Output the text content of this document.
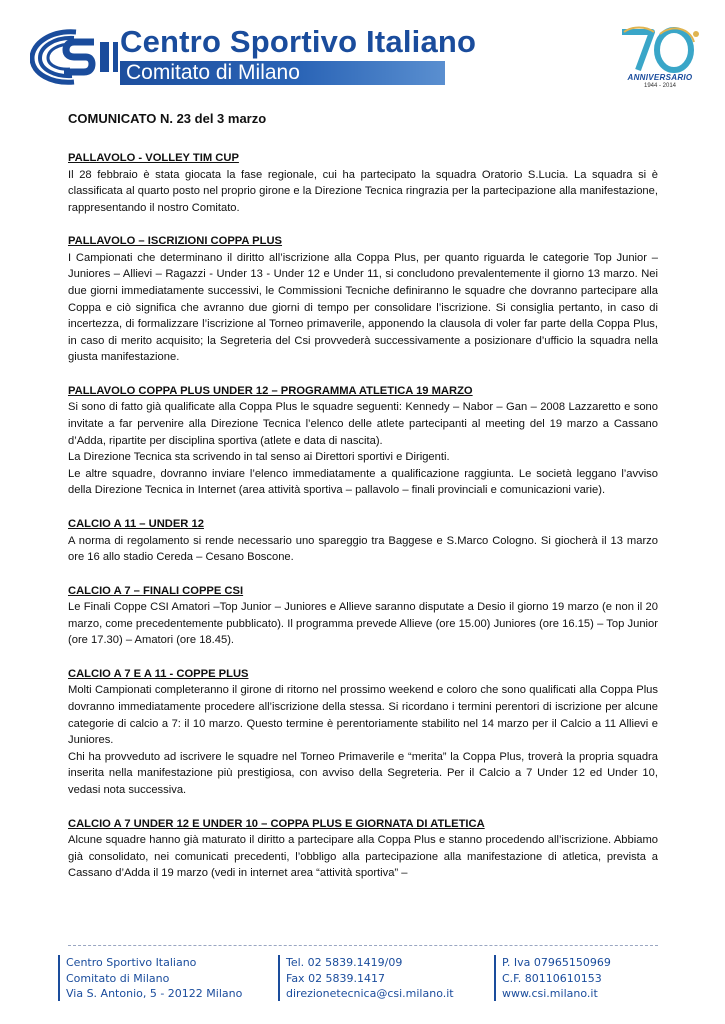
Centro Sportivo Italiano
Comitato di Milano	ANNIVERSARIO
1944 - 2014
COMUNICATO N. 23 del 3 marzo
PALLAVOLO - VOLLEY TIM CUP
Il 28 febbraio è stata giocata la fase regionale, cui ha partecipato la squadra Oratorio S.Lucia. La squadra si è classificata al quarto posto nel proprio girone e la Direzione Tecnica ringrazia per la partecipazione alla manifestazione, rappresentando il nostro Comitato.
PALLAVOLO – ISCRIZIONI COPPA PLUS
I Campionati che determinano il diritto all’iscrizione alla Coppa Plus, per quanto riguarda le categorie Top Junior – Juniores – Allievi – Ragazzi - Under 13 - Under 12 e Under 11, si concludono prevalentemente il giorno 13 marzo. Nei due giorni immediatamente successivi, le Commissioni Tecniche definiranno le squadre che dovranno partecipare alla Coppa e ciò significa che avranno due giorni di tempo per consolidare l’iscrizione. Si consiglia pertanto, in caso di incertezza, di formalizzare l’iscrizione al Torneo primaverile, apponendo la clausola di voler far parte della Coppa Plus, in caso di merito acquisito; la Segreteria del Csi provvederà successivamente a posizionare d’ufficio la squadra nella giusta manifestazione.
PALLAVOLO COPPA PLUS UNDER 12 – PROGRAMMA ATLETICA 19 MARZO
Si sono di fatto già qualificate alla Coppa Plus le squadre seguenti: Kennedy – Nabor – Gan – 2008 Lazzaretto e sono invitate a far pervenire alla Direzione Tecnica l’elenco delle atlete partecipanti al meeting del 19 marzo a Cassano d’Adda, ripartite per disciplina sportiva (atlete e data di nascita).
La Direzione Tecnica sta scrivendo in tal senso ai Direttori sportivi e Dirigenti.
Le altre squadre, dovranno inviare l’elenco immediatamente a qualificazione raggiunta. Le società leggano l’avviso della Direzione Tecnica in Internet (area attività sportiva – pallavolo – finali provinciali e comunicazioni varie).
CALCIO A 11 – UNDER 12
A norma di regolamento si rende necessario uno spareggio tra Baggese e S.Marco Cologno. Si giocherà il 13 marzo ore 16 allo stadio Cereda – Cesano Boscone.
CALCIO A 7 – FINALI COPPE CSI
Le Finali Coppe CSI Amatori –Top Junior – Juniores e Allieve saranno disputate a Desio il giorno 19 marzo (e non il 20 marzo, come precedentemente pubblicato). Il programma prevede Allieve (ore 15.00) Juniores (ore 16.15) – Top Junior (ore 17.30) – Amatori (ore 18.45).
CALCIO A 7 E A 11 - COPPE PLUS
Molti Campionati completeranno il girone di ritorno nel prossimo weekend e coloro che sono qualificati alla Coppa Plus dovranno immediatamente procedere all’iscrizione della stessa. Si ricordano i termini perentori di iscrizione per alcune categorie di calcio a 7: il 10 marzo. Questo termine è perentoriamente stabilito nel 14 marzo per il Calcio a 11 Allievi e Juniores.
Chi ha provveduto ad iscrivere le squadre nel Torneo Primaverile e “merita” la Coppa Plus, troverà la propria squadra inserita nella manifestazione più prestigiosa, con avviso della Segreteria. Per il Calcio a 7 Under 12 ed Under 10, vedasi nota successiva.
CALCIO A 7 UNDER 12 E UNDER 10 – COPPA PLUS E GIORNATA DI ATLETICA
Alcune squadre hanno già maturato il diritto a partecipare alla Coppa Plus e stanno procedendo all’iscrizione. Abbiamo già consolidato, nei comunicati precedenti, l’obbligo alla partecipazione alla manifestazione di atletica, prevista a Cassano d’Adda il 19 marzo (vedi in internet area “attività sportiva” –
Centro Sportivo Italiano
Comitato di Milano
Via S. Antonio, 5 - 20122 Milano
Tel. 02 5839.1419/09
Fax 02 5839.1417
direzionetecnica@csi.milano.it
P. Iva 07965150969
C.F. 80110610153
www.csi.milano.it
